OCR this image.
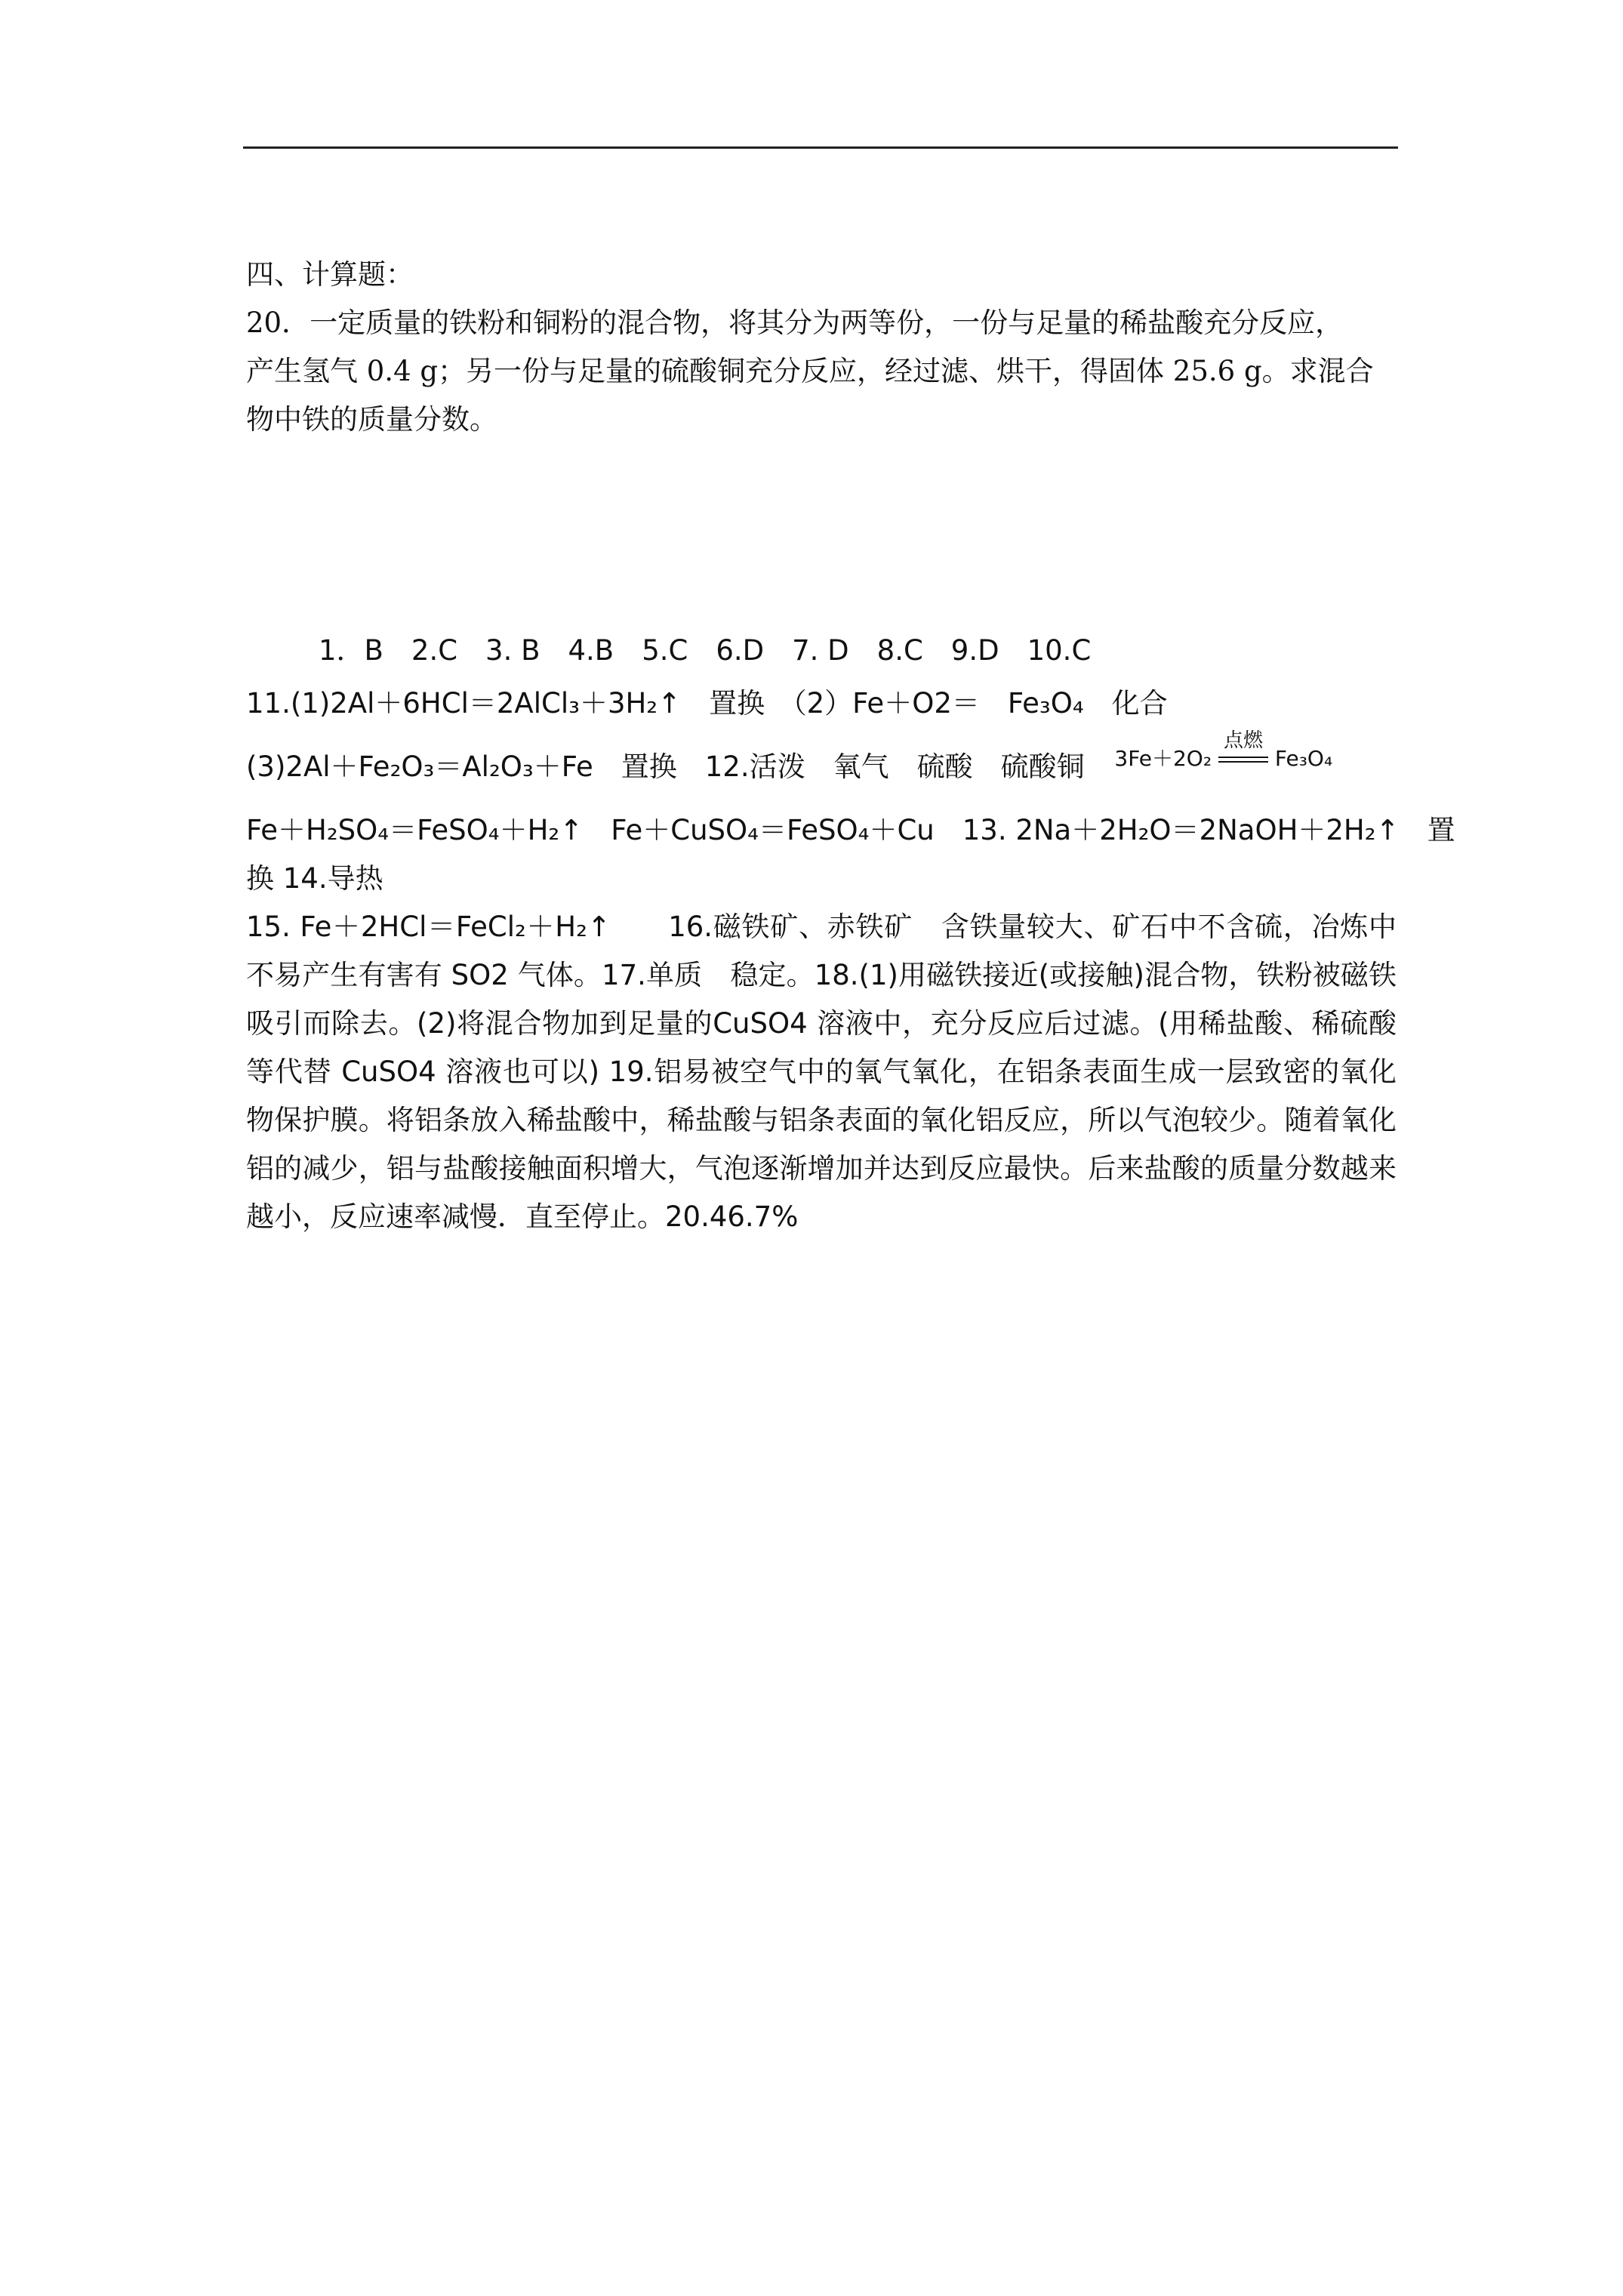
四、计算题：
20．一定质量的铁粉和铜粉的混合物，将其分为两等份，一份与足量的稀盐酸充分反应，
产生氢气 0.4 g；另一份与足量的硫酸铜充分反应，经过滤、烘干，得固体 25.6 g。求混合
物中铁的质量分数。
1．B　2.C　3. B　4.B　5.C　6.D　7. D　8.C　9.D　10.C
11.(1)2Al＋6HCl＝2AlCl₃＋3H₂↑　置换　（2）Fe＋O2＝　Fe₃O₄　化合
(3)2Al＋Fe₂O₃＝Al₂O₃＋Fe　置换　12.活泼　氧气　硫酸　硫酸铜 3Fe＋2O₂
点燃
Fe₃O₄
Fe＋H₂SO₄＝FeSO₄＋H₂↑　Fe＋CuSO₄＝FeSO₄＋Cu　13. 2Na＋2H₂O＝2NaOH＋2H₂↑　置
换 14.导热
15. Fe＋2HCl＝FeCl₂＋H₂↑　　16.磁铁矿、赤铁矿　含铁量较大、矿石中不含硫，冶炼中不易产生有害有 SO2 气体。17.单质　稳定。18.(1)用磁铁接近(或接触)混合物，铁粉被磁铁吸引而除去。(2)将混合物加到足量的CuSO4 溶液中，充分反应后过滤。(用稀盐酸、稀硫酸等代替 CuSO4 溶液也可以) 19.铝易被空气中的氧气氧化，在铝条表面生成一层致密的氧化物保护膜。将铝条放入稀盐酸中，稀盐酸与铝条表面的氧化铝反应，所以气泡较少。随着氧化铝的减少，铝与盐酸接触面积增大，气泡逐渐增加并达到反应最快。后来盐酸的质量分数越来越小，反应速率减慢．直至停止。20.46.7%
